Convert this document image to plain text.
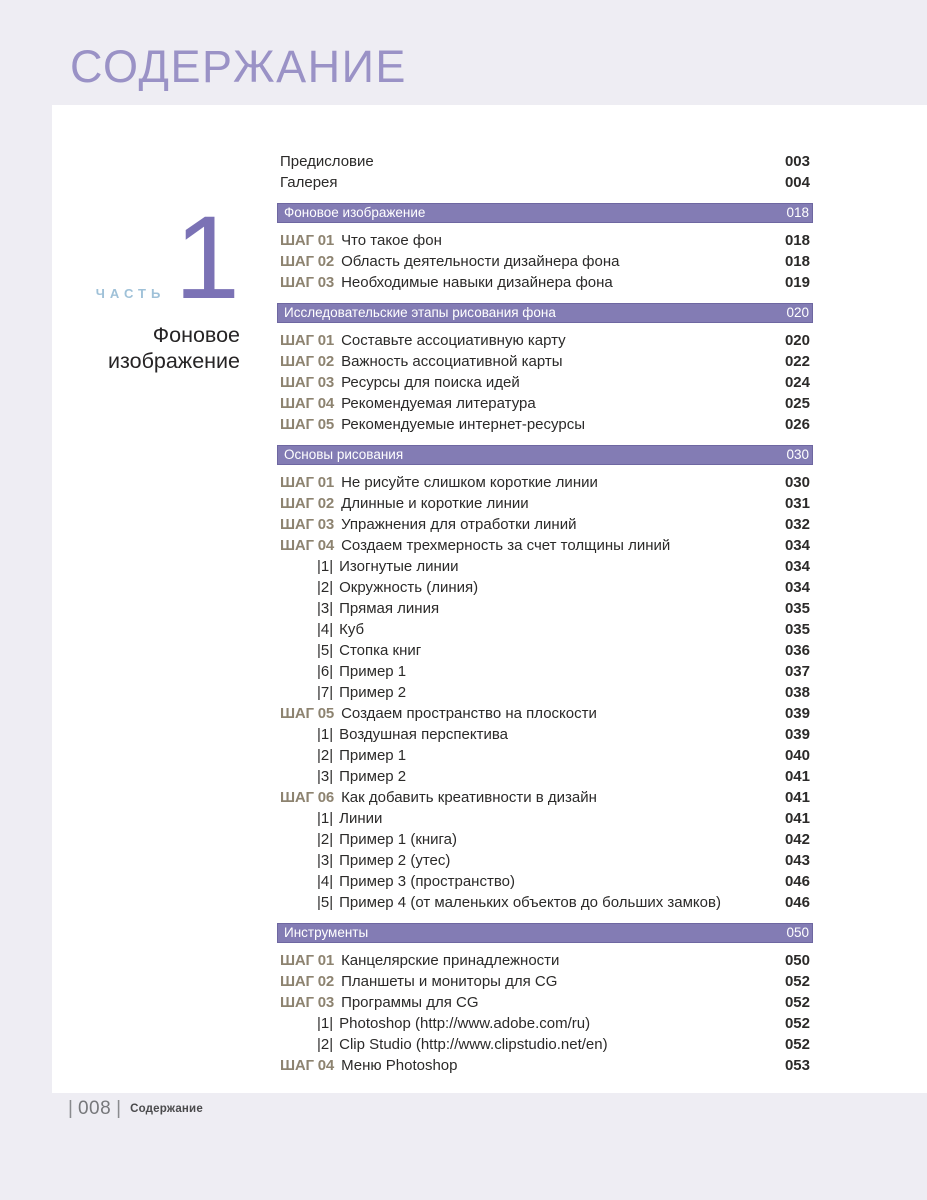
СОДЕРЖАНИЕ
ЧАСТЬ 1
Фоновое
изображение
Предисловие	003
Галерея	004
Фоновое изображение	018
ШАГ 01 Что такое фон	018
ШАГ 02 Область деятельности дизайнера фона	018
ШАГ 03 Необходимые навыки дизайнера фона	019
Исследовательские этапы рисования фона	020
ШАГ 01 Составьте ассоциативную карту	020
ШАГ 02 Важность ассоциативной карты	022
ШАГ 03 Ресурсы для поиска идей	024
ШАГ 04 Рекомендуемая литература	025
ШАГ 05 Рекомендуемые интернет-ресурсы	026
Основы рисования	030
ШАГ 01 Не рисуйте слишком короткие линии	030
ШАГ 02 Длинные и короткие линии	031
ШАГ 03 Упражнения для отработки линий	032
ШАГ 04 Создаем трехмерность за счет толщины линий	034
|1| Изогнутые линии	034
|2| Окружность (линия)	034
|3| Прямая линия	035
|4| Куб	035
|5| Стопка книг	036
|6| Пример 1	037
|7| Пример 2	038
ШАГ 05 Создаем пространство на плоскости	039
|1| Воздушная перспектива	039
|2| Пример 1	040
|3| Пример 2	041
ШАГ 06 Как добавить креативности в дизайн	041
|1| Линии	041
|2| Пример 1 (книга)	042
|3| Пример 2 (утес)	043
|4| Пример 3 (пространство)	046
|5| Пример 4 (от маленьких объектов до больших замков)	046
Инструменты	050
ШАГ 01 Канцелярские принадлежности	050
ШАГ 02 Планшеты и мониторы для CG	052
ШАГ 03 Программы для CG	052
|1| Photoshop (http://www.adobe.com/ru)	052
|2| Clip Studio (http://www.clipstudio.net/en)	052
ШАГ 04 Меню Photoshop	053
| 008 | Содержание
